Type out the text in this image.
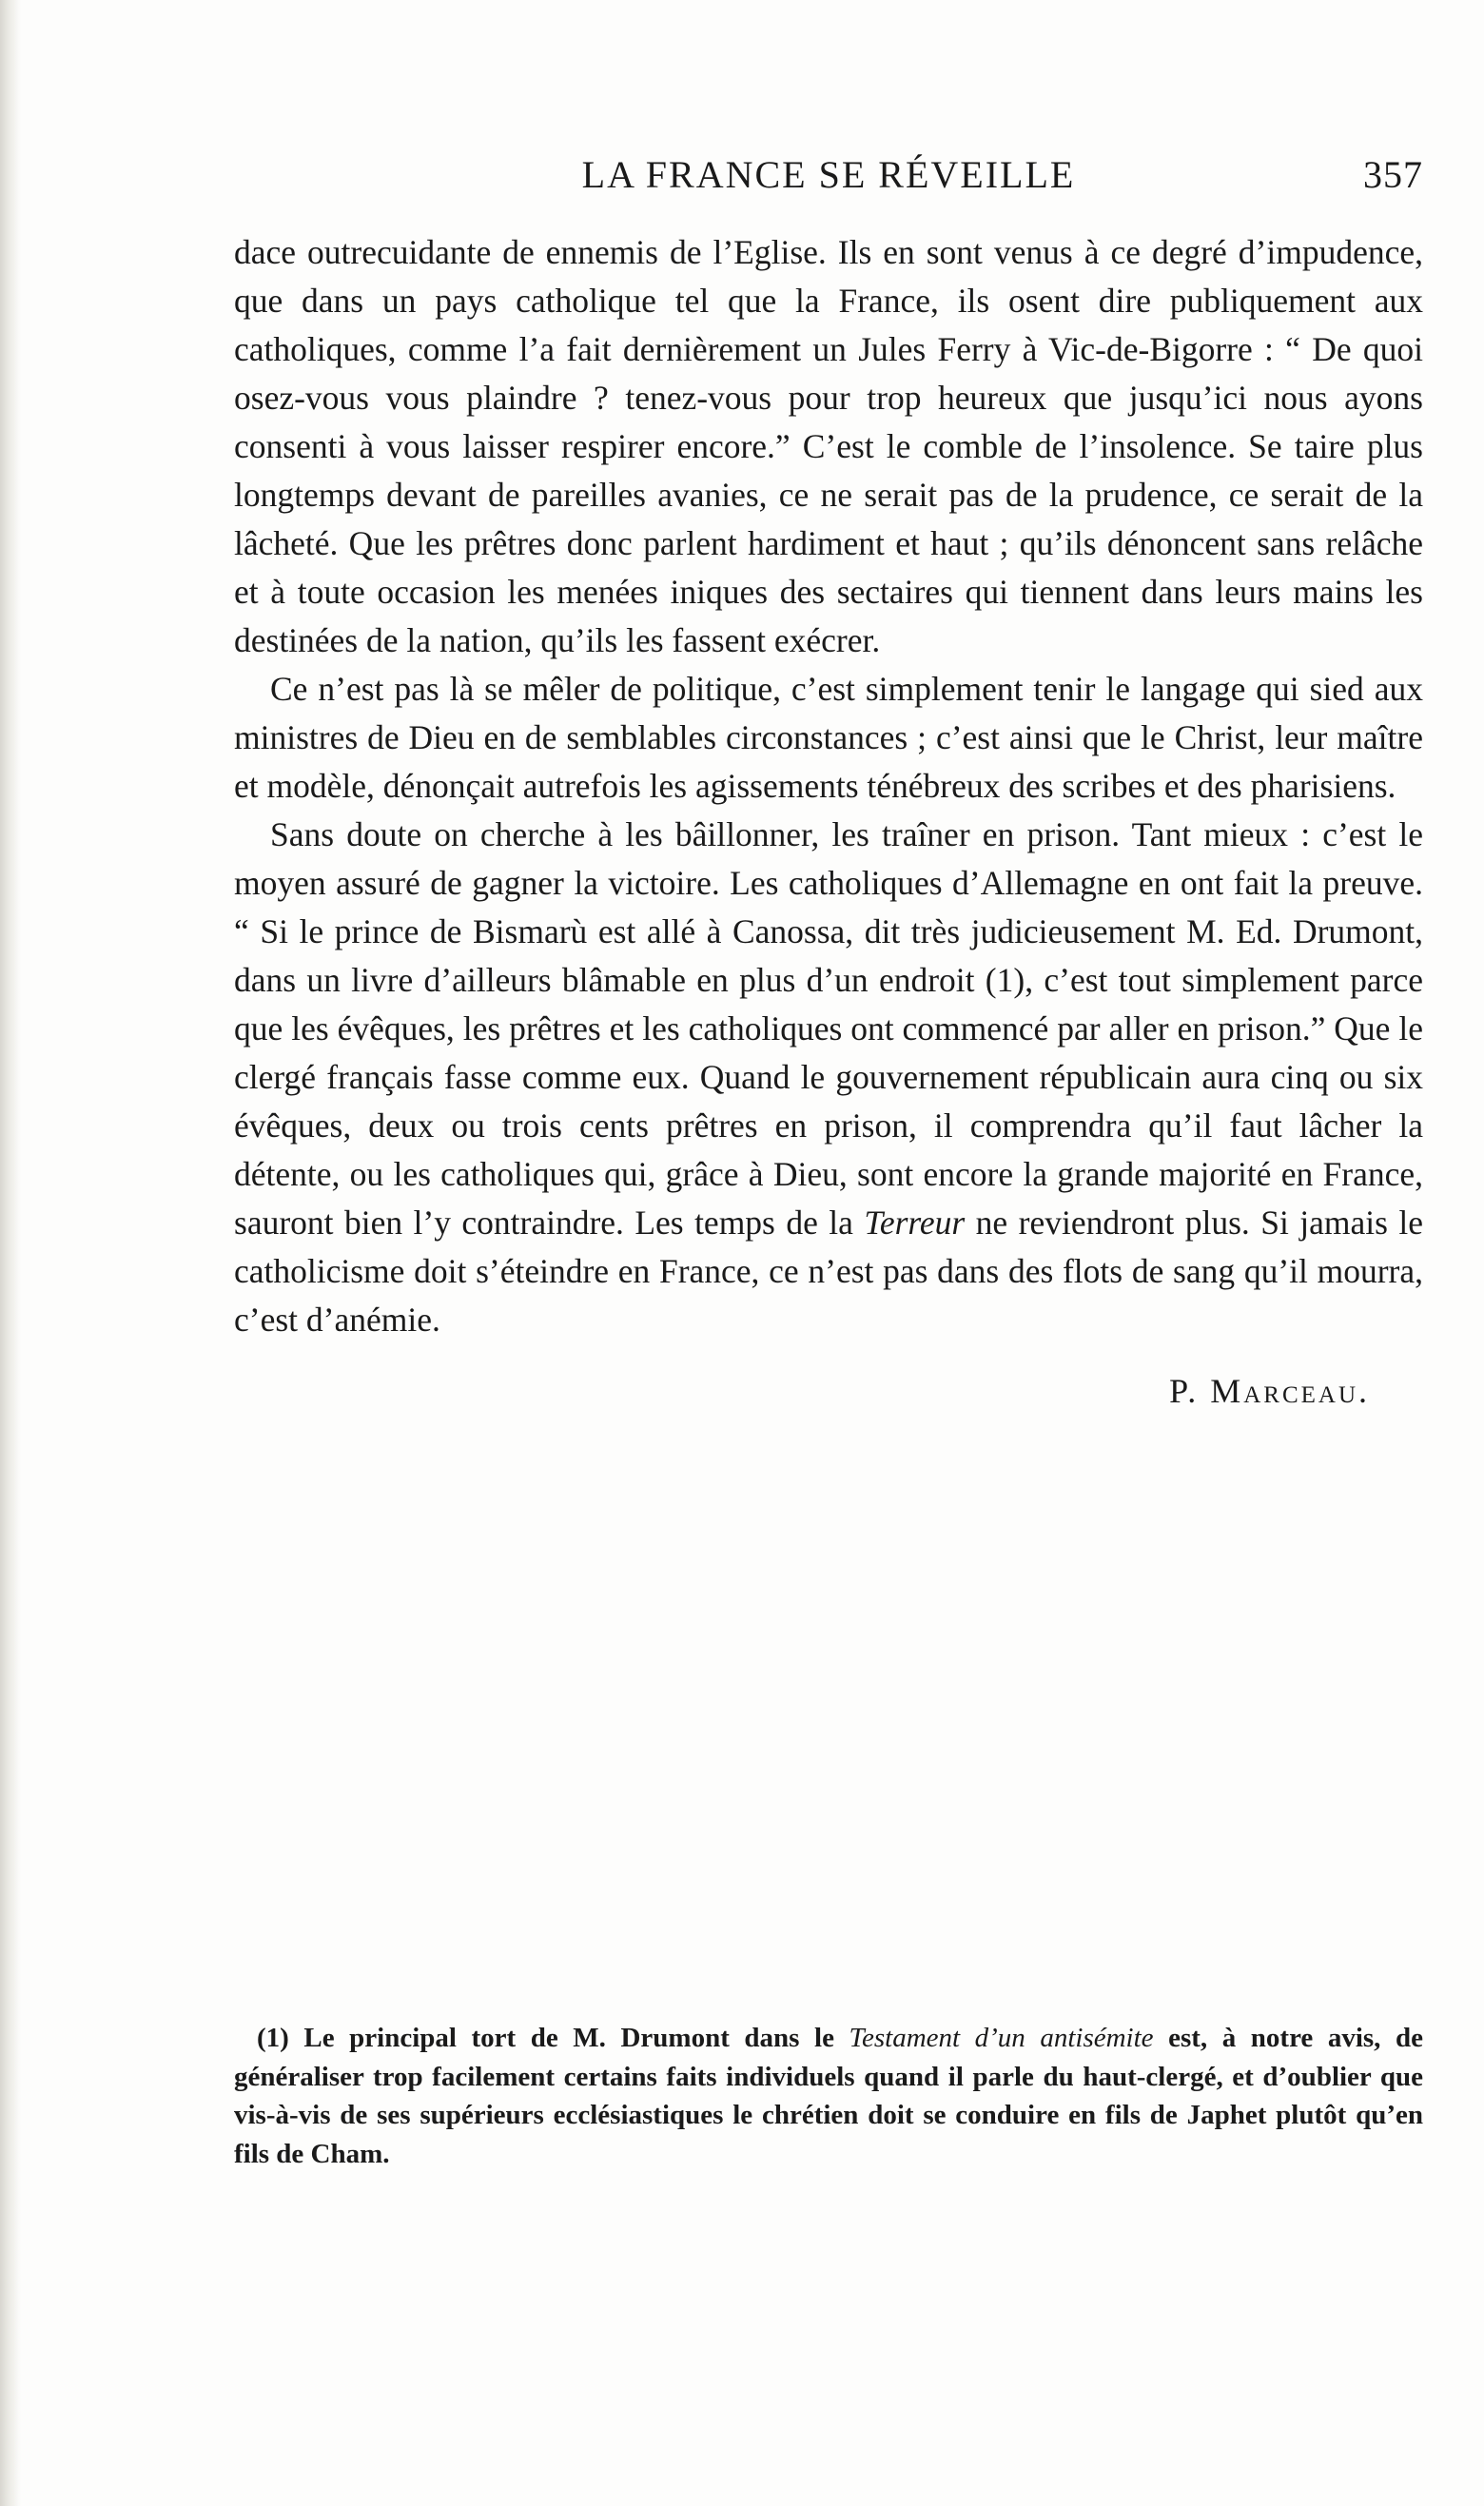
LA FRANCE SE RÉVEILLE	357

dace outrecuidante de ennemis de l’Eglise. Ils en sont venus à ce degré d’impudence, que dans un pays catholique tel que la France, ils osent dire publiquement aux catholiques, comme l’a fait dernièrement un Jules Ferry à Vic-de-Bigorre : “ De quoi osez-vous vous plaindre ? tenez-vous pour trop heureux que jusqu’ici nous ayons consenti à vous laisser respirer encore.” C’est le comble de l’insolence. Se taire plus longtemps devant de pareilles avanies, ce ne serait pas de la prudence, ce serait de la lâcheté. Que les prêtres donc parlent hardiment et haut ; qu’ils dénoncent sans relâche et à toute occasion les menées iniques des sectaires qui tiennent dans leurs mains les destinées de la nation, qu’ils les fassent exécrer.

Ce n’est pas là se mêler de politique, c’est simplement tenir le langage qui sied aux ministres de Dieu en de semblables circonstances ; c’est ainsi que le Christ, leur maître et modèle, dénonçait autrefois les agissements ténébreux des scribes et des pharisiens.

Sans doute on cherche à les bâillonner, les traîner en prison. Tant mieux : c’est le moyen assuré de gagner la victoire. Les catholiques d’Allemagne en ont fait la preuve. “ Si le prince de Bismarù est allé à Canossa, dit très judicieusement M. Ed. Drumont, dans un livre d’ailleurs blâmable en plus d’un endroit (1), c’est tout simplement parce que les évêques, les prêtres et les catholiques ont commencé par aller en prison.” Que le clergé français fasse comme eux. Quand le gouvernement républicain aura cinq ou six évêques, deux ou trois cents prêtres en prison, il comprendra qu’il faut lâcher la détente, ou les catholiques qui, grâce à Dieu, sont encore la grande majorité en France, sauront bien l’y contraindre. Les temps de la Terreur ne reviendront plus. Si jamais le catholicisme doit s’éteindre en France, ce n’est pas dans des flots de sang qu’il mourra, c’est d’anémie.

P. Marceau.
(1) Le principal tort de M. Drumont dans le Testament d’un antisémite est, à notre avis, de généraliser trop facilement certains faits individuels quand il parle du haut-clergé, et d’oublier que vis-à-vis de ses supérieurs ecclésiastiques le chrétien doit se conduire en fils de Japhet plutôt qu’en fils de Cham.
